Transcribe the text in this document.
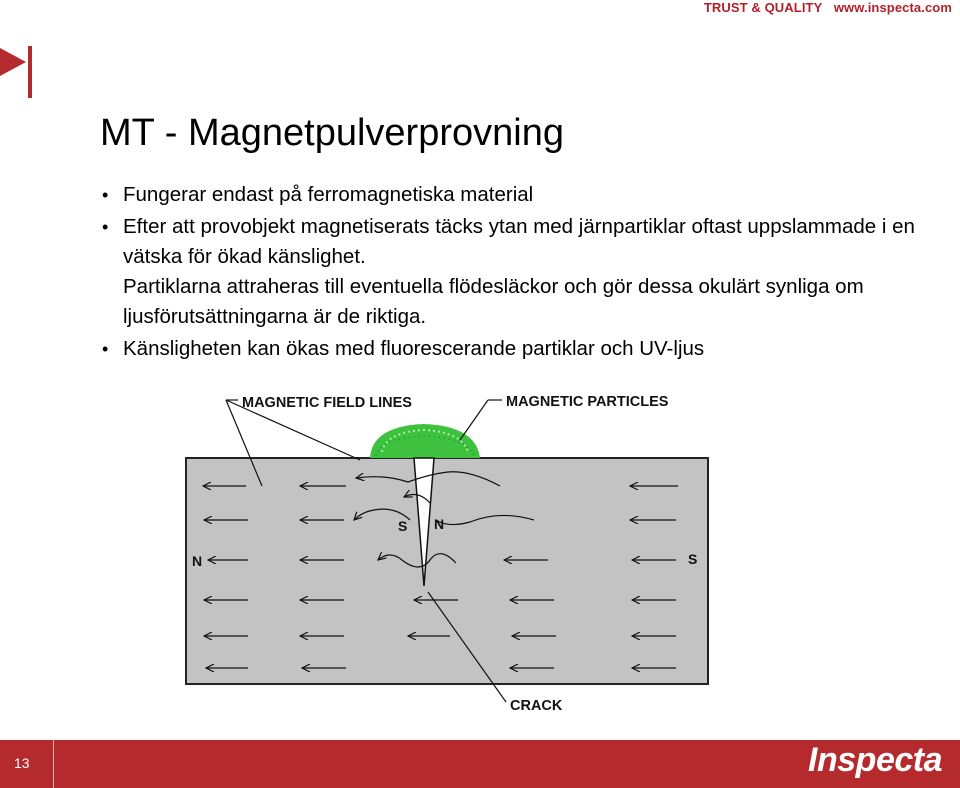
TRUST & QUALITY www.inspecta.com
MT - Magnetpulverprovning
• Fungerar endast på ferromagnetiska material
• Efter att provobjekt magnetiserats täcks ytan med järnpartiklar oftast uppslammade i en vätska för ökad känslighet.
Partiklarna attraheras till eventuella flödesläckor och gör dessa okulärt synliga om ljusförutsättningarna är de riktiga.
• Känsligheten kan ökas med fluorescerande partiklar och UV-ljus
MAGNETIC FIELD LINES	MAGNETIC PARTICLES
CRACK
N	S
S N
13	Inspecta
